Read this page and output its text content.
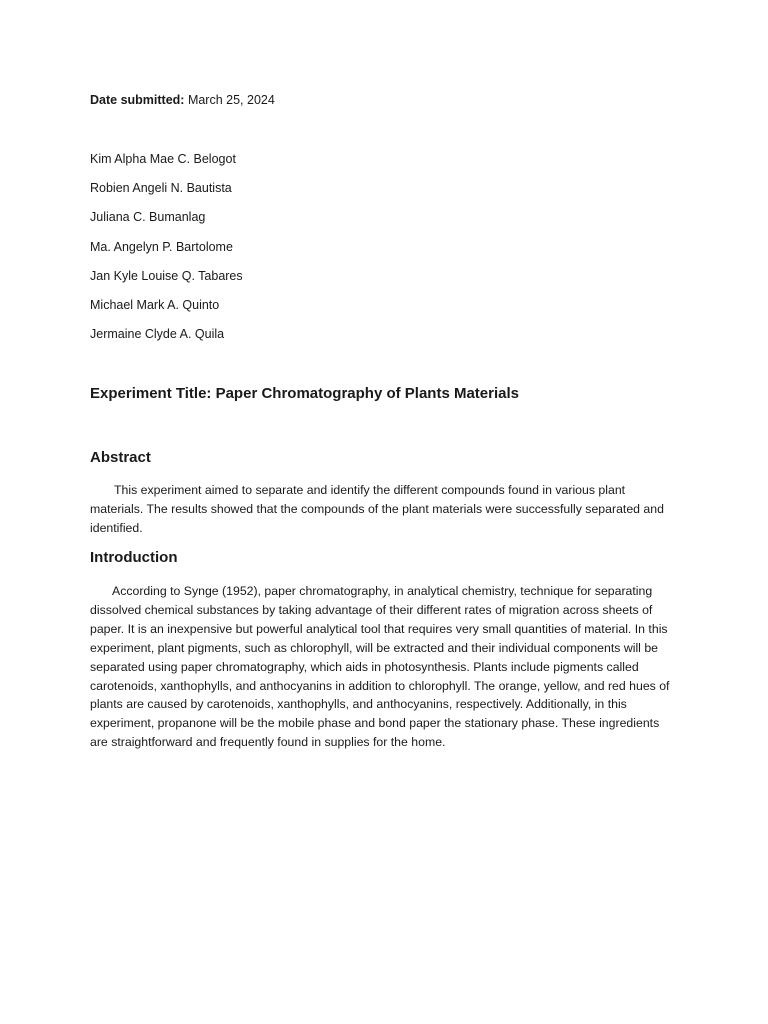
Date submitted: March 25, 2024
Kim Alpha Mae C. Belogot
Robien Angeli N. Bautista
Juliana C. Bumanlag
Ma. Angelyn P. Bartolome
Jan Kyle Louise Q. Tabares
Michael Mark A. Quinto
Jermaine Clyde A. Quila
Experiment Title: Paper Chromatography of Plants Materials
Abstract

This experiment aimed to separate and identify the different compounds found in various plant materials. The results showed that the compounds of the plant materials were successfully separated and identified.

Introduction

According to Synge (1952), paper chromatography, in analytical chemistry, technique for separating dissolved chemical substances by taking advantage of their different rates of migration across sheets of paper. It is an inexpensive but powerful analytical tool that requires very small quantities of material. In this experiment, plant pigments, such as chlorophyll, will be extracted and their individual components will be separated using paper chromatography, which aids in photosynthesis. Plants include pigments called carotenoids, xanthophylls, and anthocyanins in addition to chlorophyll. The orange, yellow, and red hues of plants are caused by carotenoids, xanthophylls, and anthocyanins, respectively. Additionally, in this experiment, propanone will be the mobile phase and bond paper the stationary phase. These ingredients are straightforward and frequently found in supplies for the home.
